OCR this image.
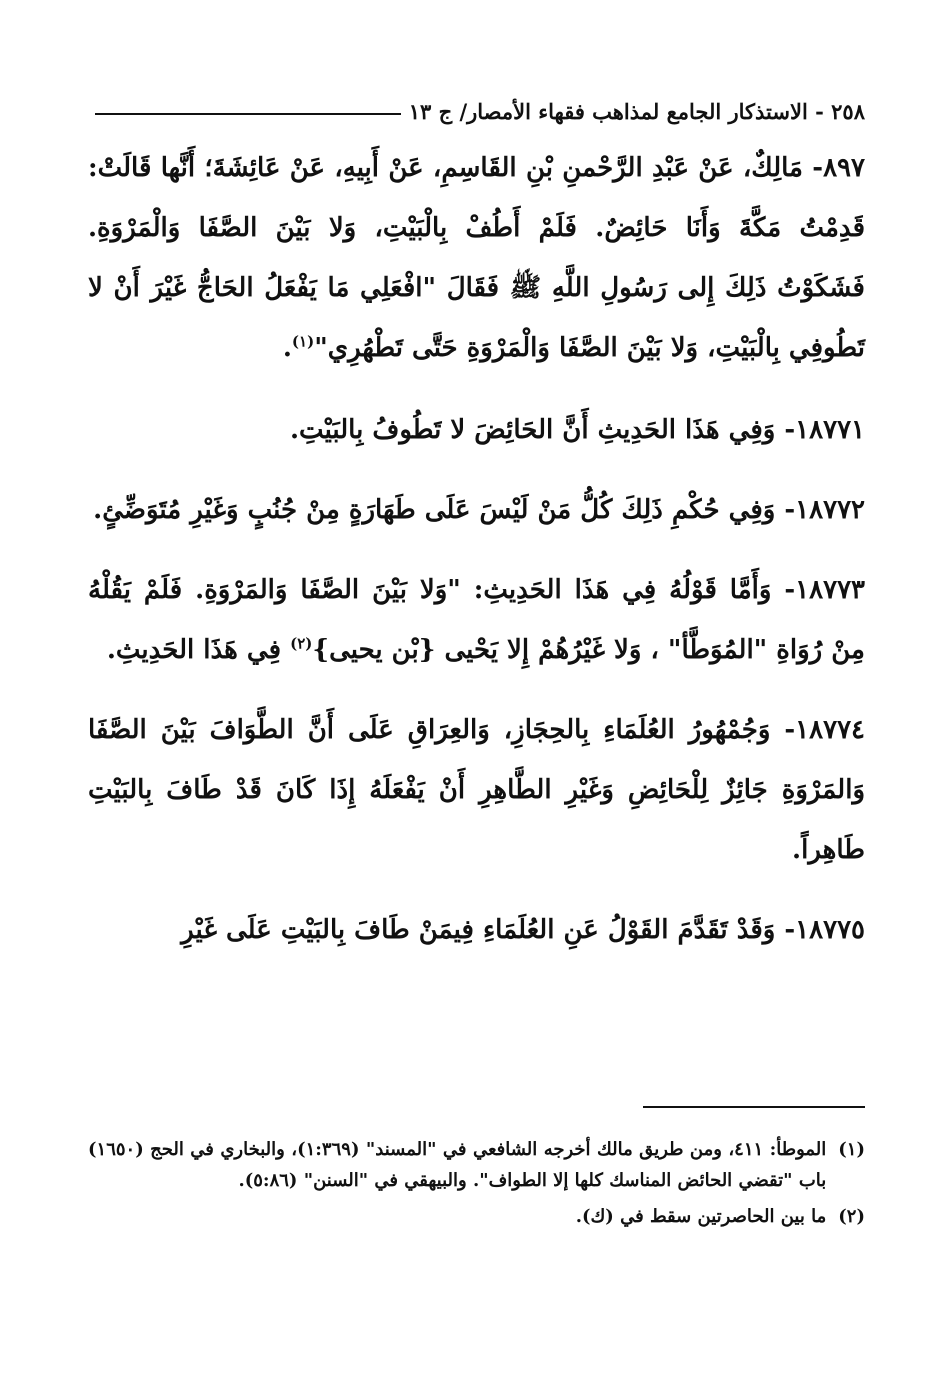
٢٥٨ - الاستذكار الجامع لمذاهب فقهاء الأمصار/ ج ١٣

٨٩٧- مَالِكٌ، عَنْ عَبْدِ الرَّحْمنِ بْنِ القَاسِمِ، عَنْ أَبِيهِ، عَنْ عَائِشَةَ؛ أَنَّها قَالَتْ: قَدِمْتُ مَكَّةَ وَأَنَا حَائِضٌ. فَلَمْ أَطُفْ بِالْبَيْتِ، وَلا بَيْنَ الصَّفَا وَالْمَرْوَةِ. فَشَكَوْتُ ذَلِكَ إِلى رَسُولِ اللَّهِ ﷺ فَقَالَ "افْعَلِي مَا يَفْعَلُ الحَاجُّ غَيْرَ أَنْ لا تَطُوفِي بِالْبَيْتِ، وَلا بَيْنَ الصَّفَا وَالْمَرْوَةِ حَتَّى تَطْهُرِي"$^{(١)}$.

١٨٧٧١- وَفِي هَذَا الحَدِيثِ أَنَّ الحَائِضَ لا تَطُوفُ بِالبَيْتِ.

١٨٧٧٢- وَفِي حُكْمِ ذَلِكَ كُلُّ مَنْ لَيْسَ عَلَى طَهَارَةٍ مِنْ جُنُبٍ وَغَيْرِ مُتَوَضِّئٍ.

١٨٧٧٣- وَأَمَّا قَوْلُهُ فِي هَذَا الحَدِيثِ: "وَلا بَيْنَ الصَّفَا وَالمَرْوَةِ. فَلَمْ يَقُلْهُ مِنْ رُوَاةِ "المُوَطَّأ" ، وَلا غَيْرُهُمْ إِلا يَحْيى {بْن يحيى}$^{(٢)}$ فِي هَذَا الحَدِيثِ.

١٨٧٧٤- وَجُمْهُورُ العُلَمَاءِ بِالحِجَازِ، وَالعِرَاقِ عَلَى أَنَّ الطَّوَافَ بَيْنَ الصَّفَا وَالمَرْوَةِ جَائِزٌ لِلْحَائِضِ وَغَيْرِ الطَّاهِرِ أَنْ يَفْعَلَهُ إِذَا كَانَ قَدْ طَافَ بِالبَيْتِ طَاهِراً.

١٨٧٧٥- وَقَدْ تَقَدَّمَ القَوْلُ عَنِ العُلَمَاءِ فِيمَنْ طَافَ بِالبَيْتِ عَلَى غَيْرِ

(١)
الموطأ: ٤١١، ومن طريق مالك أخرجه الشافعي في "المسند" (١:٣٦٩)، والبخاري في الحج (١٦٥٠) باب "تقضي الحائض المناسك كلها إلا الطواف". والبيهقي في "السنن" (٥:٨٦).
(٢)
ما بين الحاصرتين سقط في (ك).
